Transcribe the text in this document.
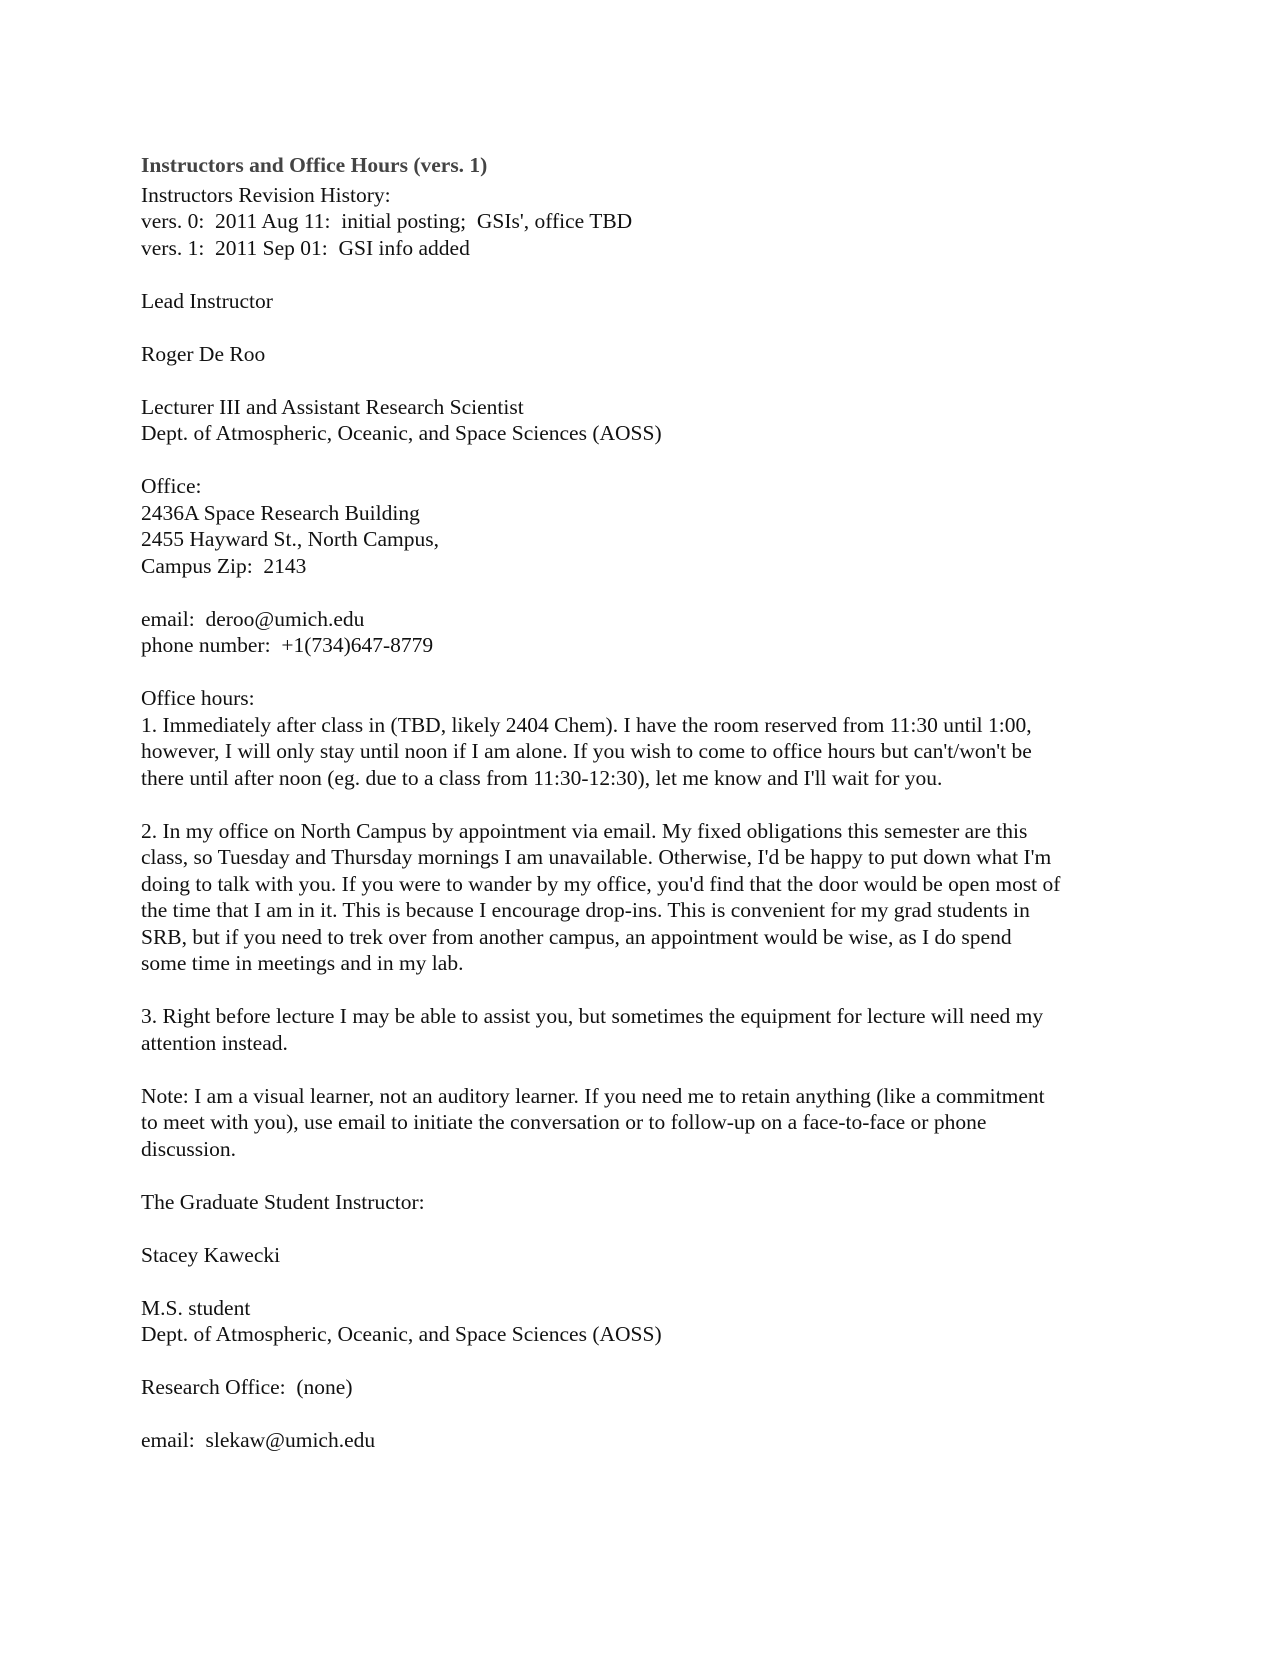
Instructors and Office Hours (vers. 1)

Instructors Revision History:

vers. 0:  2011 Aug 11:  initial posting;  GSIs', office TBD

vers. 1:  2011 Sep 01:  GSI info added

Lead Instructor

Roger De Roo

Lecturer III and Assistant Research Scientist

Dept. of Atmospheric, Oceanic, and Space Sciences (AOSS)

Office:

2436A Space Research Building

2455 Hayward St., North Campus,

Campus Zip:  2143

email:  deroo@umich.edu

phone number:  +1(734)647-8779

Office hours:

1. Immediately after class in (TBD, likely 2404 Chem). I have the room reserved from 11:30 until 1:00, however, I will only stay until noon if I am alone. If you wish to come to office hours but can't/won't be there until after noon (eg. due to a class from 11:30-12:30), let me know and I'll wait for you.

2. In my office on North Campus by appointment via email. My fixed obligations this semester are this class, so Tuesday and Thursday mornings I am unavailable. Otherwise, I'd be happy to put down what I'm doing to talk with you. If you were to wander by my office, you'd find that the door would be open most of the time that I am in it. This is because I encourage drop-ins. This is convenient for my grad students in SRB, but if you need to trek over from another campus, an appointment would be wise, as I do spend some time in meetings and in my lab.

3. Right before lecture I may be able to assist you, but sometimes the equipment for lecture will need my attention instead.

Note: I am a visual learner, not an auditory learner. If you need me to retain anything (like a commitment to meet with you), use email to initiate the conversation or to follow-up on a face-to-face or phone discussion.

The Graduate Student Instructor:

Stacey Kawecki

M.S. student

Dept. of Atmospheric, Oceanic, and Space Sciences (AOSS)

Research Office:  (none)

email:  slekaw@umich.edu
